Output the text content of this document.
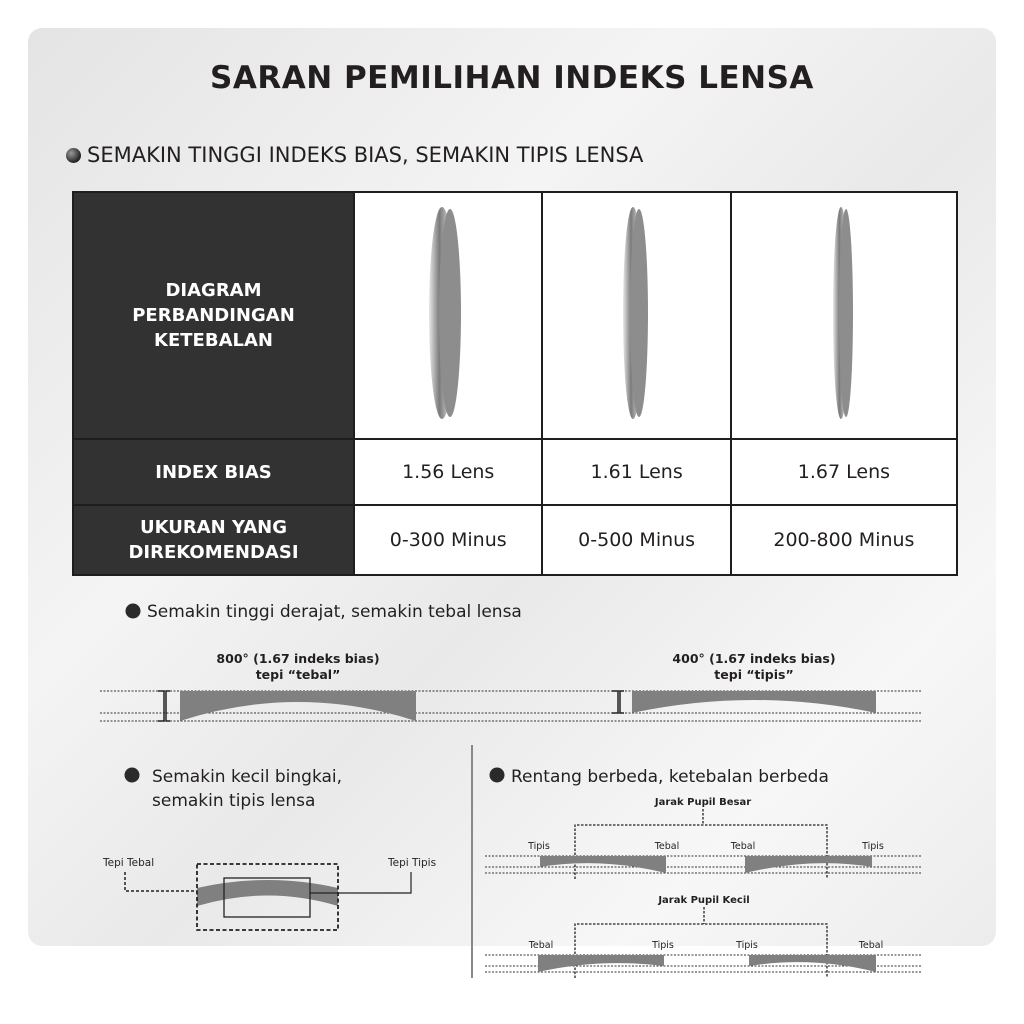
SARAN PEMILIHAN INDEKS LENSA
SEMAKIN TINGGI INDEKS BIAS, SEMAKIN TIPIS LENSA
DIAGRAM PERBANDINGAN KETEBALAN			
INDEX BIAS	1.56 Lens	1.61 Lens	1.67 Lens
UKURAN YANG DIREKOMENDASI	0-300 Minus	0-500 Minus	200-800 Minus
Semakin tinggi derajat, semakin tebal lensa
800° (1.67 indeks bias)
tepi “tebal”
400° (1.67 indeks bias)
tepi “tipis”
Semakin kecil bingkai,
semakin tipis lensa
Tepi Tebal	Tepi Tipis
Rentang berbeda, ketebalan berbeda
Jarak Pupil Besar
Tipis	Tebal	Tebal	Tipis
Jarak Pupil Kecil
Tebal	Tipis	Tipis	Tebal
